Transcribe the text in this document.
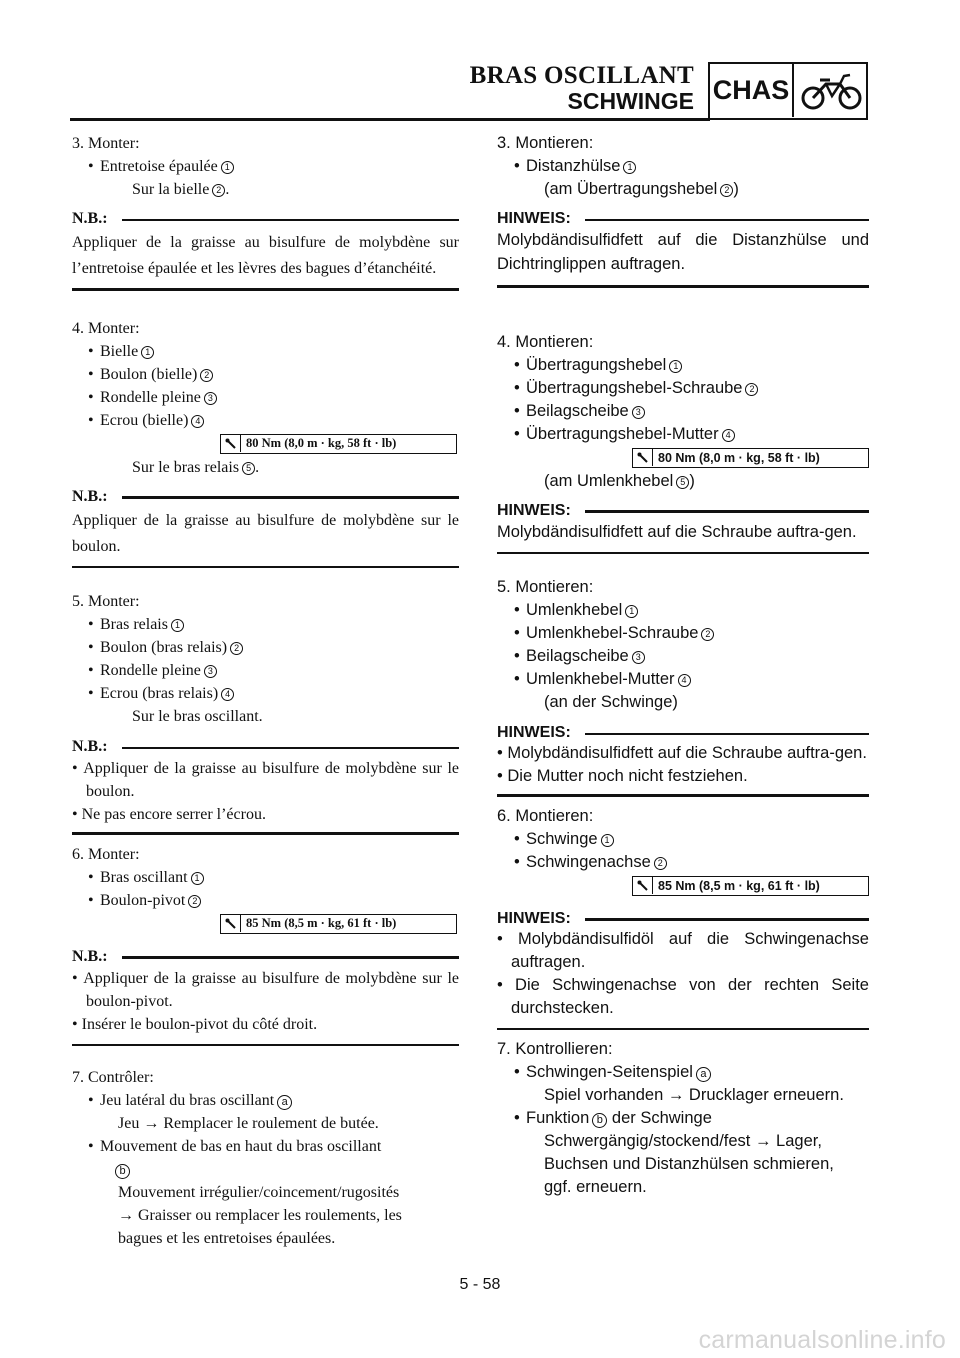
BRAS OSCILLANT
SCHWINGE CHAS
3. Monter:
• Entretoise épaulée 1
Sur la bielle 2 .
N.B.:

Appliquer de la graisse au bisulfure de molybdène sur l’entretoise épaulée et les lèvres des bagues d’étanchéité.

4. Monter:
• Bielle 1
• Boulon (bielle) 2
• Rondelle pleine 3
• Ecrou (bielle) 4
80 Nm (8,0 m · kg, 58 ft · lb)
Sur le bras relais 5 .
N.B.:

Appliquer de la graisse au bisulfure de molybdène sur le boulon.

5. Monter:
• Bras relais 1
• Boulon (bras relais) 2
• Rondelle pleine 3
• Ecrou (bras relais) 4
Sur le bras oscillant.
N.B.:

• Appliquer de la graisse au bisulfure de molybdène sur le boulon.

• Ne pas encore serrer l’écrou.

6. Monter:
• Bras oscillant 1
• Boulon-pivot 2
85 Nm (8,5 m · kg, 61 ft · lb)
N.B.:

• Appliquer de la graisse au bisulfure de molybdène sur le boulon-pivot.

• Insérer le boulon-pivot du côté droit.

7. Contrôler:
• Jeu latéral du bras oscillant a
Jeu → Remplacer le roulement de butée.
• Mouvement de bas en haut du bras oscillant
b
Mouvement irrégulier/coincement/rugosités
→ Graisser ou remplacer les roulements, les
bagues et les entretoises épaulées.
3. Montieren:
• Distanzhülse 1
(am Übertragungshebel 2 )
HINWEIS:

Molybdändisulfidfett auf die Distanzhülse und Dichtringlippen auftragen.

4. Montieren:
• Übertragungshebel 1
• Übertragungshebel-Schraube 2
• Beilagscheibe 3
• Übertragungshebel-Mutter 4
80 Nm (8,0 m · kg, 58 ft · lb)
(am Umlenkhebel 5 )
HINWEIS:

Molybdändisulfidfett auf die Schraube auftra-gen.

5. Montieren:
• Umlenkhebel 1
• Umlenkhebel-Schraube 2
• Beilagscheibe 3
• Umlenkhebel-Mutter 4
(an der Schwinge)
HINWEIS:

• Molybdändisulfidfett auf die Schraube auftra-gen.

• Die Mutter noch nicht festziehen.

6. Montieren:
• Schwinge 1
• Schwingenachse 2
85 Nm (8,5 m · kg, 61 ft · lb)
HINWEIS:

• Molybdändisulfidöl auf die Schwingenachse auftragen.

• Die Schwingenachse von der rechten Seite durchstecken.

7. Kontrollieren:
• Schwingen-Seitenspiel a
Spiel vorhanden → Drucklager erneuern.
• Funktion b der Schwinge
Schwergängig/stockend/fest → Lager,
Buchsen und Distanzhülsen schmieren,
ggf. erneuern.
5 - 58
carmanualsonline.info
